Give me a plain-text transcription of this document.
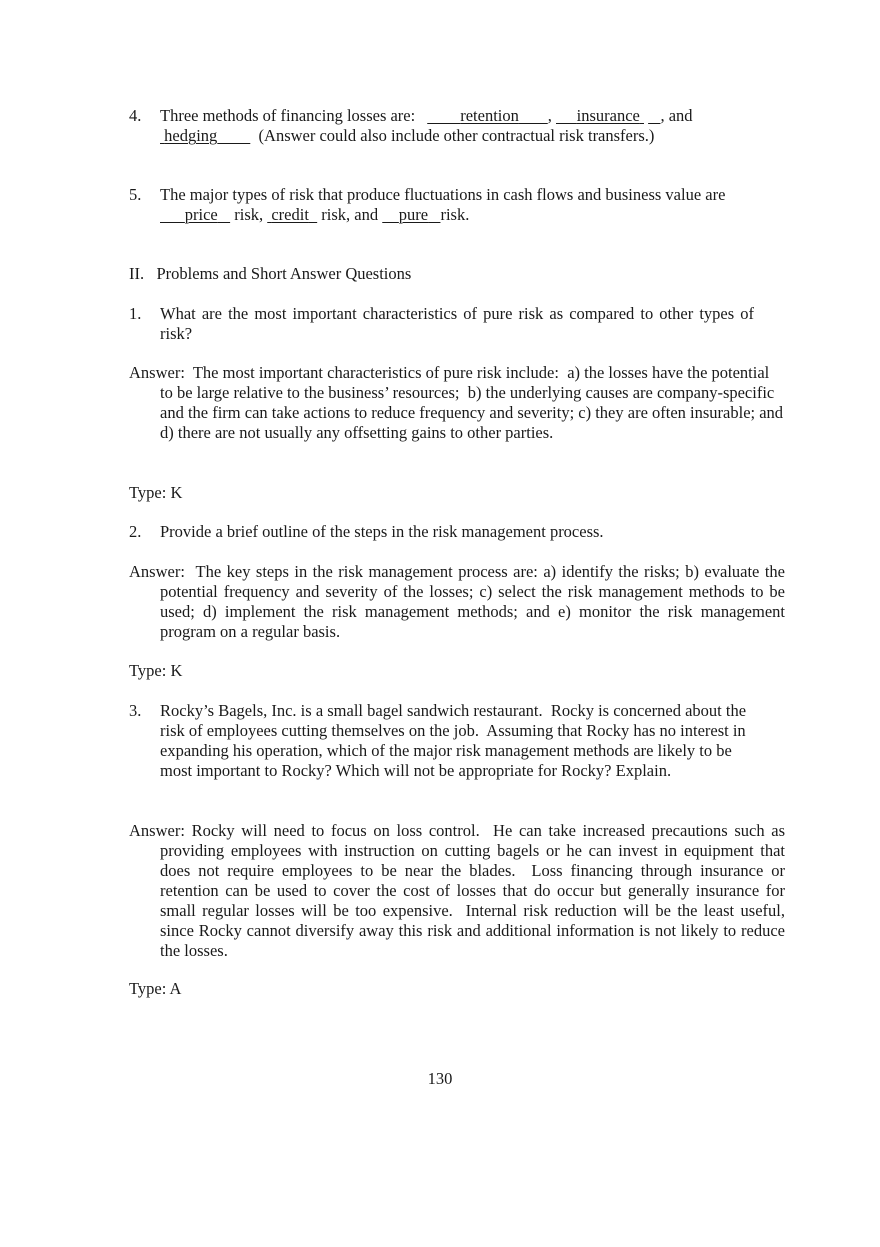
4.	Three methods of financing losses are:	retention ,      insurance , and hedging	(Answer could also include other contractual risk transfers.)
5.	The major types of risk that produce fluctuations in cash flows and business value are       price risk, credit risk, and pure risk.
II.   Problems and Short Answer Questions
1.	What are the most important characteristics of pure risk as compared to other types of risk?
Answer:  The most important characteristics of pure risk include:  a) the losses have the potential to be large relative to the business’ resources;  b) the underlying causes are company-specific and the firm can take actions to reduce frequency and severity; c) they are often insurable; and d) there are not usually any offsetting gains to other parties.
Type: K
2.	Provide a brief outline of the steps in the risk management process.
Answer:  The key steps in the risk management process are: a) identify the risks; b) evaluate the potential frequency and severity of the losses; c) select the risk management methods to be used; d) implement the risk management methods; and e) monitor the risk management program on a regular basis.
Type: K
3.	Rocky’s Bagels, Inc. is a small bagel sandwich restaurant.  Rocky is concerned about the risk of employees cutting themselves on the job.  Assuming that Rocky has no interest in expanding his operation, which of the major risk management methods are likely to be most important to Rocky? Which will not be appropriate for Rocky? Explain.
Answer: Rocky will need to focus on loss control.  He can take increased precautions such as providing employees with instruction on cutting bagels or he can invest in equipment that does not require employees to be near the blades.  Loss financing through insurance or retention can be used to cover the cost of losses that do occur but generally insurance for small regular losses will be too expensive.  Internal risk reduction will be the least useful, since Rocky cannot diversify away this risk and additional information is not likely to reduce the losses.
Type: A
130
